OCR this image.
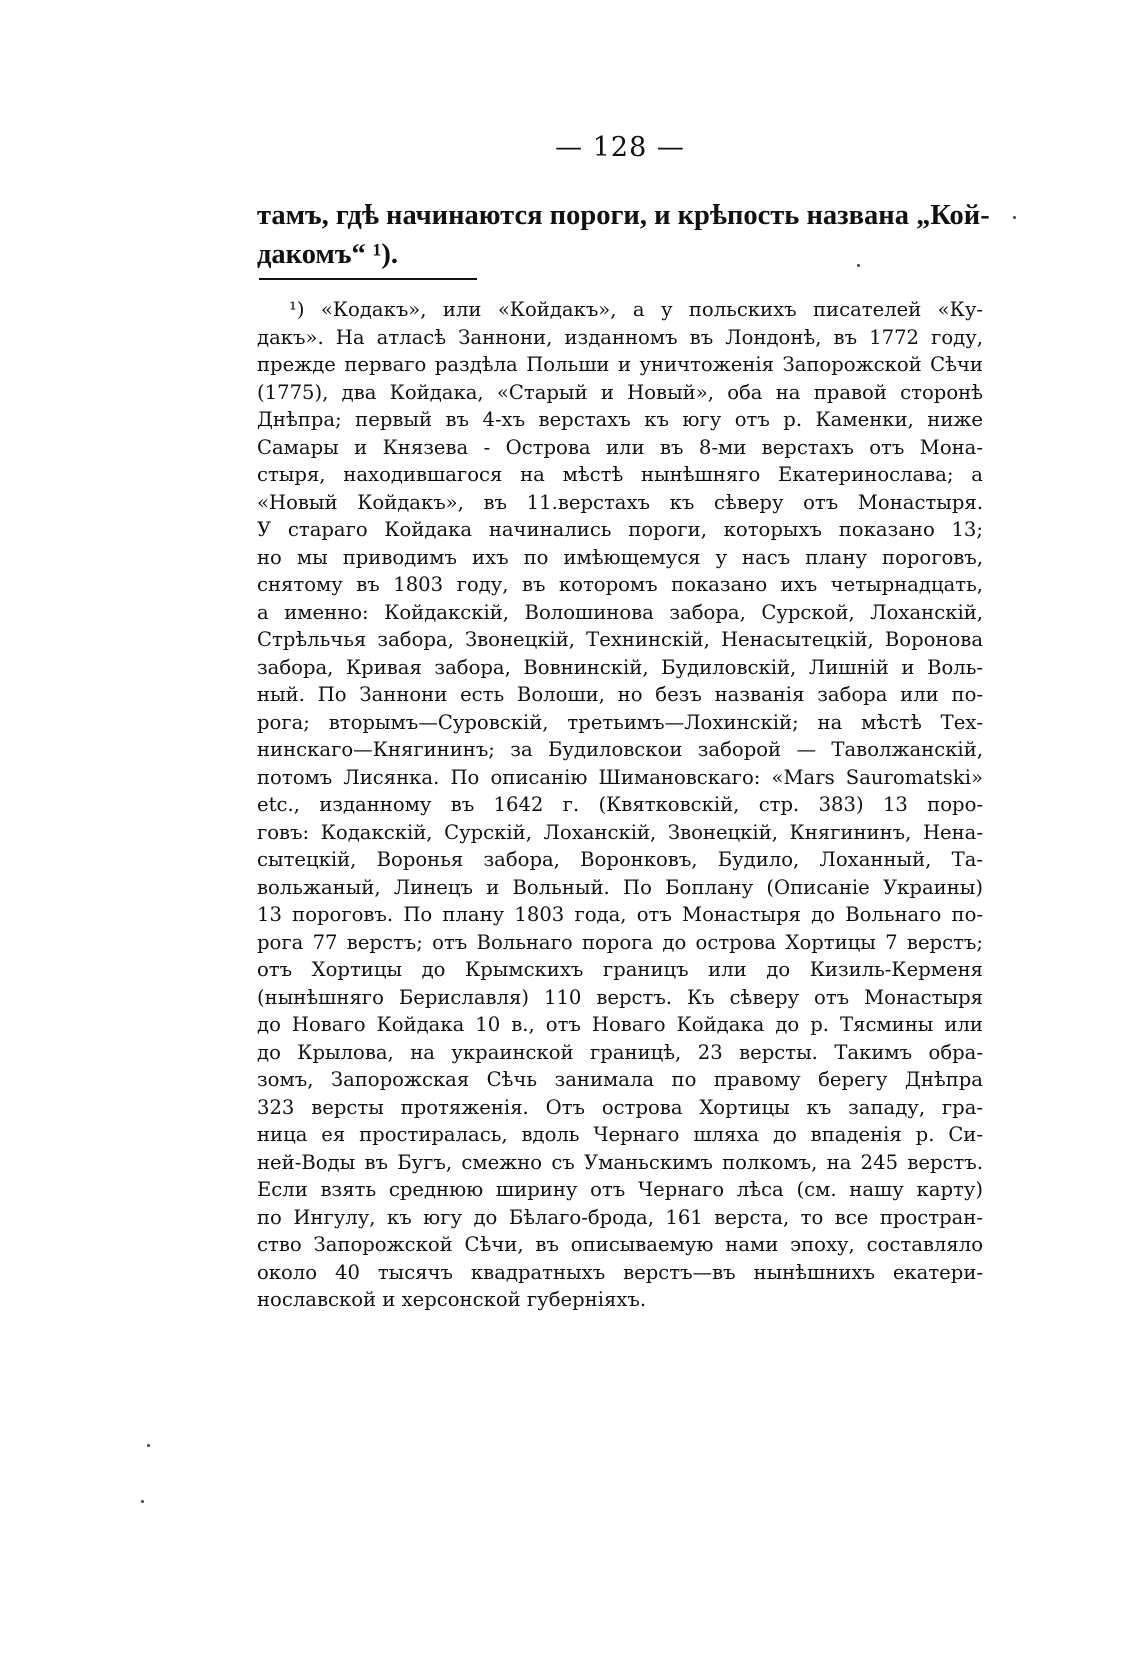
— 128 —
тамъ, гдѣ начинаются пороги, и крѣпость названа „Кой-
дакомъ“ ¹).
¹) «Кодакъ», или «Койдакъ», а у польскихъ писателей «Ку-
дакъ». На атласѣ Заннони, изданномъ въ Лондонѣ, въ 1772 году,
прежде перваго раздѣла Польши и уничтоженія Запорожской Сѣчи
(1775), два Койдака, «Старый и Новый», оба на правой сторонѣ
Днѣпра; первый въ 4-хъ верстахъ къ югу отъ р. Каменки, ниже
Самары и Князева - Острова или въ 8-ми верстахъ отъ Мона-
стыря, находившагося на мѣстѣ нынѣшняго Екатеринослава; а
«Новый Койдакъ», въ 11.верстахъ къ сѣверу отъ Монастыря.
У стараго Койдака начинались пороги, которыхъ показано 13;
но мы приводимъ ихъ по имѣющемуся у насъ плану пороговъ,
снятому въ 1803 году, въ которомъ показано ихъ четырнадцать,
а именно: Койдакскій, Волошинова забора, Сурской, Лоханскій,
Стрѣльчья забора, Звонецкій, Технинскій, Ненасытецкій, Воронова
забора, Кривая забора, Вовнинскій, Будиловскій, Лишній и Воль-
ный. По Заннони есть Волоши, но безъ названія забора или по-
рога; вторымъ—Суровскій, третьимъ—Лохинскій; на мѣстѣ Тех-
нинскаго—Княгининъ; за Будиловскои заборой — Таволжанскій,
потомъ Лисянка. По описанію Шимановскаго: «Mars Sauromatski»
etc., изданному въ 1642 г. (Квятковскій, стр. 383) 13 поро-
говъ: Кодакскій, Сурскій, Лоханскій, Звонецкій, Княгининъ, Нена-
сытецкій, Воронья забора, Воронковъ, Будило, Лоханный, Та-
вольжаный, Линецъ и Вольный. По Боплану (Описаніе Украины)
13 пороговъ. По плану 1803 года, отъ Монастыря до Вольнаго по-
рога 77 верстъ; отъ Вольнаго порога до острова Хортицы 7 верстъ;
отъ Хортицы до Крымскихъ границъ или до Кизиль-Керменя
(нынѣшняго Бериславля) 110 верстъ. Къ сѣверу отъ Монастыря
до Новаго Койдака 10 в., отъ Новаго Койдака до р. Тясмины или
до Крылова, на украинской границѣ, 23 версты. Такимъ обра-
зомъ, Запорожская Сѣчь занимала по правому берегу Днѣпра
323 версты протяженія. Отъ острова Хортицы къ западу, гра-
ница ея простиралась, вдоль Чернаго шляха до впаденія р. Си-
ней-Воды въ Бугъ, смежно съ Уманьскимъ полкомъ, на 245 верстъ.
Если взять среднюю ширину отъ Чернаго лѣса (см. нашу карту)
по Ингулу, къ югу до Бѣлаго-брода, 161 верста, то все простран-
ство Запорожской Сѣчи, въ описываемую нами эпоху, составляло
около 40 тысячъ квадратныхъ верстъ—въ нынѣшнихъ екатери-
нославской и херсонской губерніяхъ.
